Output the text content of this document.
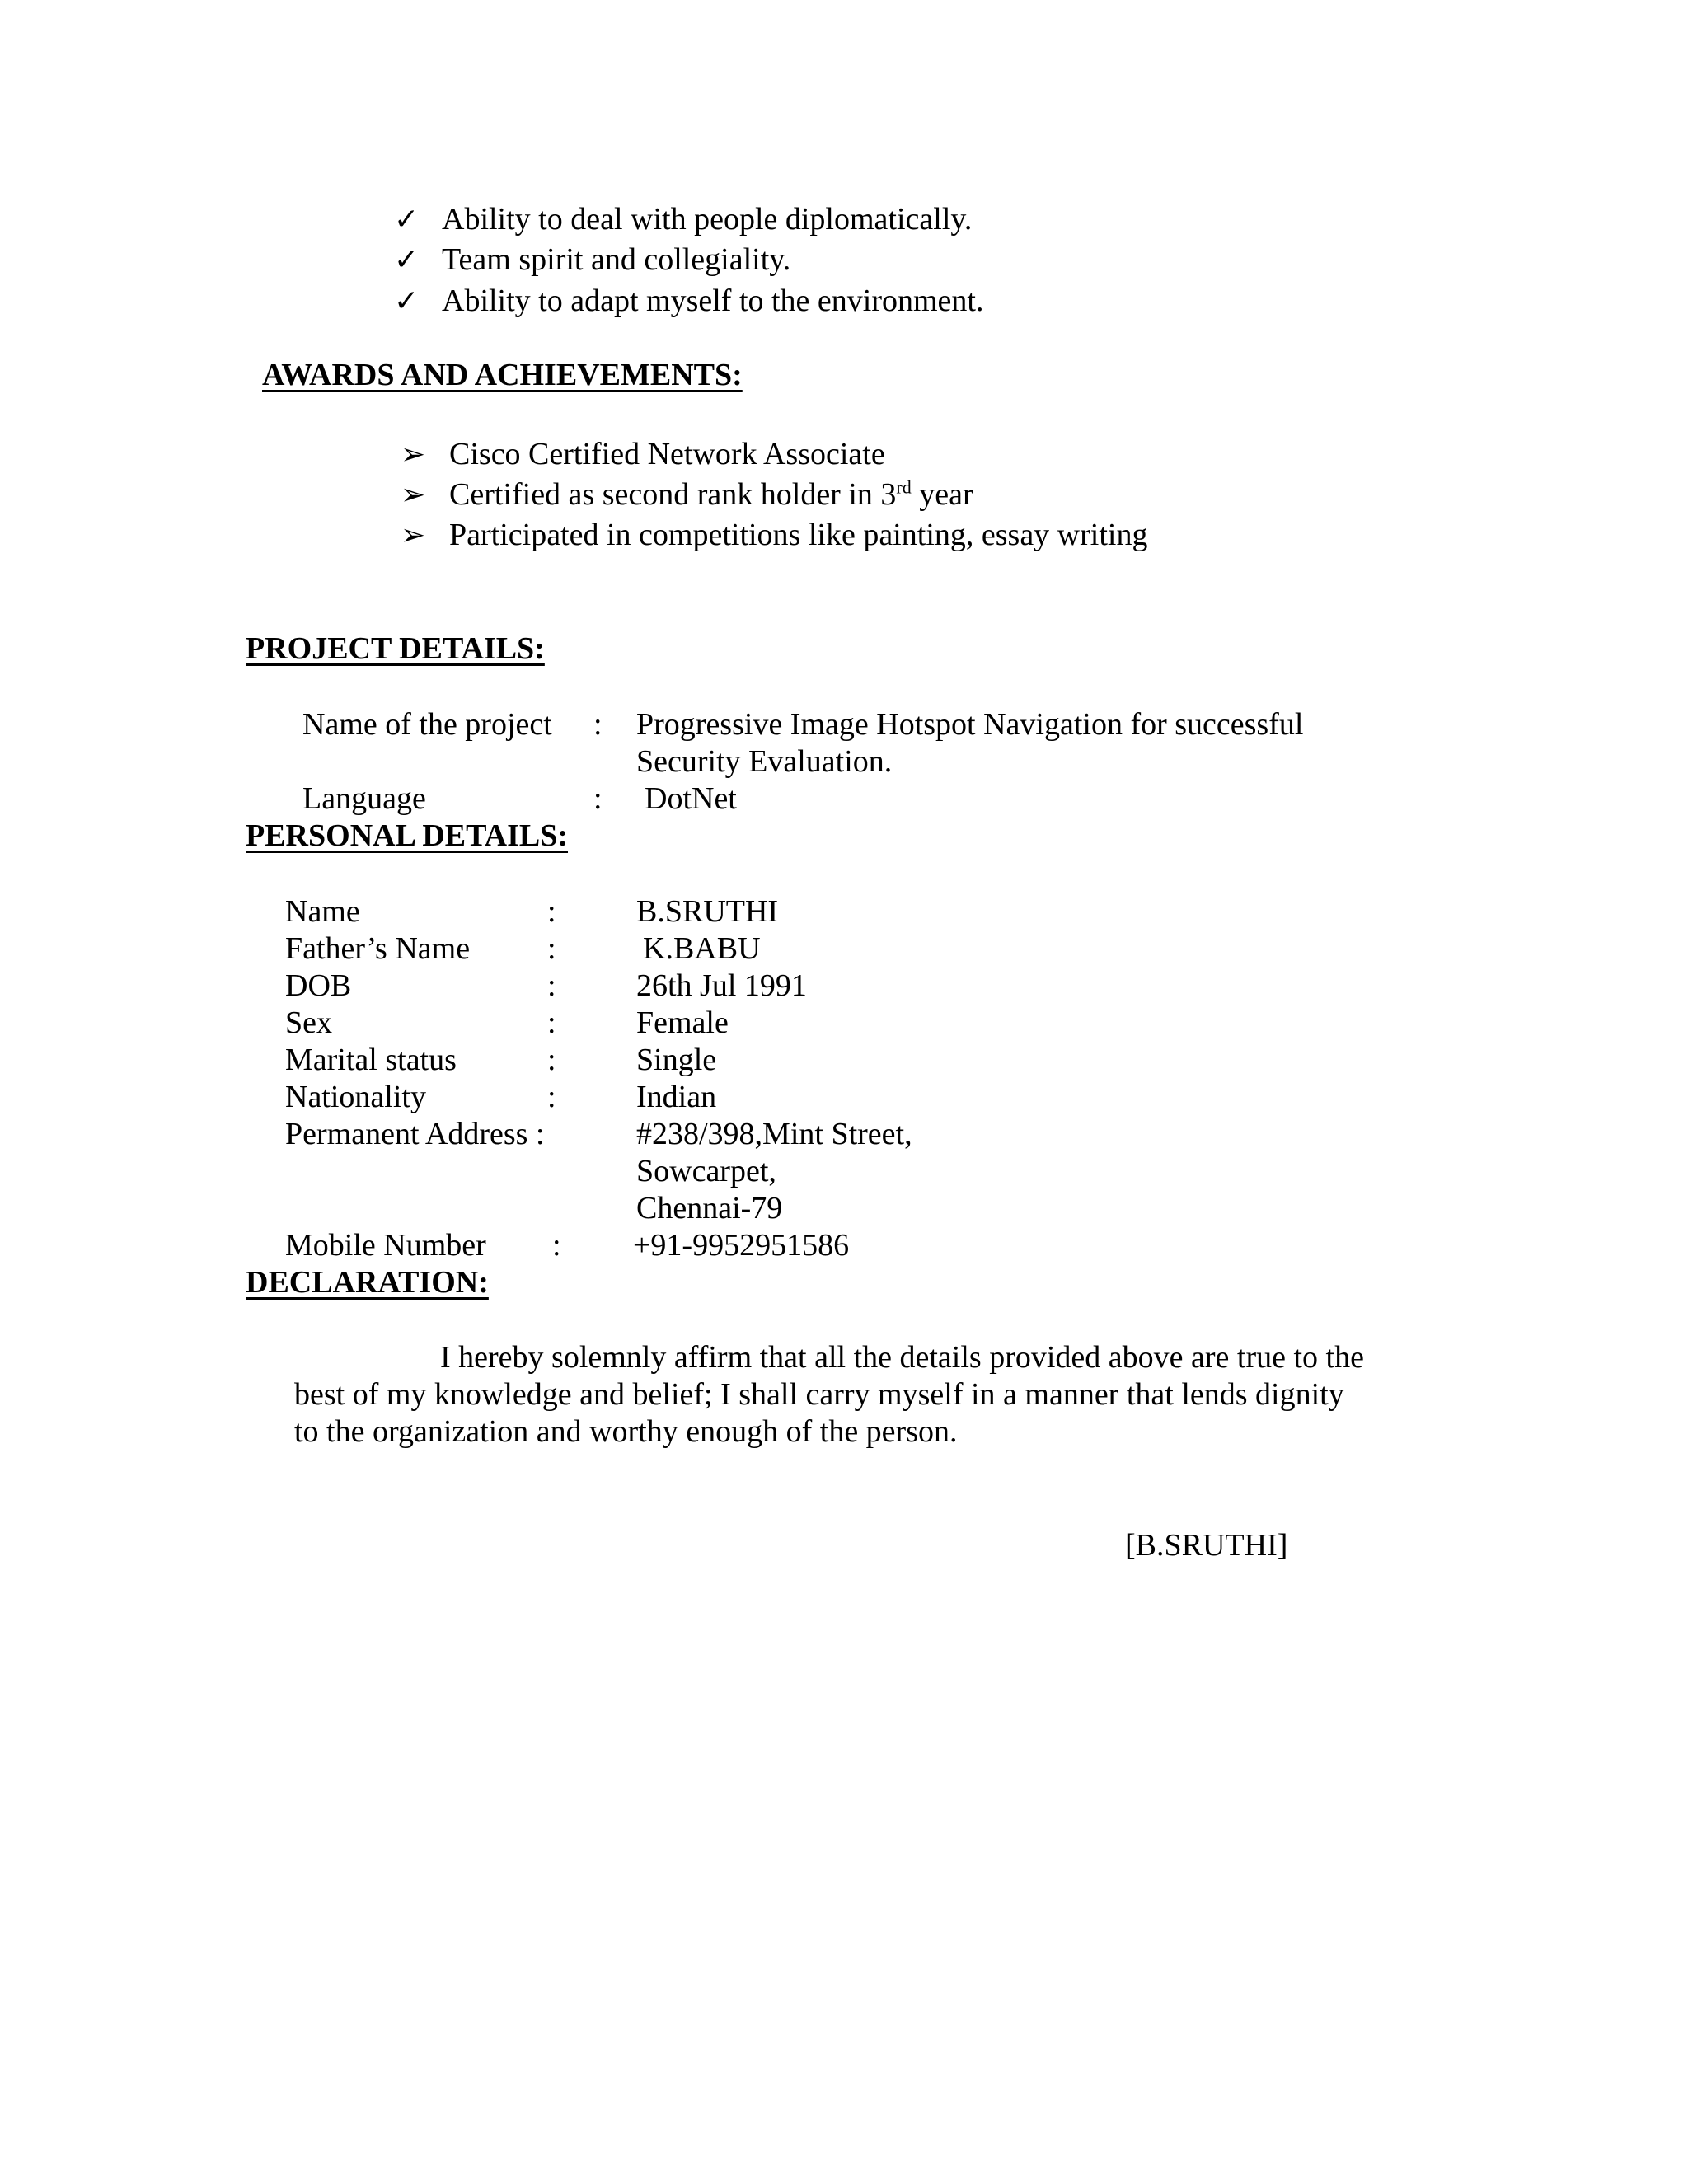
✓ Ability to deal with people diplomatically.
✓ Team spirit and collegiality.
✓ Ability to adapt myself to the environment.
AWARDS AND ACHIEVEMENTS:
➢ Cisco Certified Network Associate
➢ Certified as second rank holder in 3rd year
➢ Participated in competitions like painting, essay writing
PROJECT DETAILS:
Name of the project : Progressive Image Hotspot Navigation for successful
Security Evaluation.
Language	: DotNet
PERSONAL DETAILS:
Name	:	B.SRUTHI
Father’s Name :	K.BABU
DOB	:	26th Jul 1991
Sex	:	Female
Marital status	:	Single
Nationality	:	Indian
Permanent Address :	#238/398,Mint Street,
Sowcarpet,
Chennai-79
Mobile Number : +91-9952951586
DECLARATION:
I hereby solemnly affirm that all the details provided above are true to the
best of my knowledge and belief; I shall carry myself in a manner that lends dignity
to the organization and worthy enough of the person.
[B.SRUTHI]
